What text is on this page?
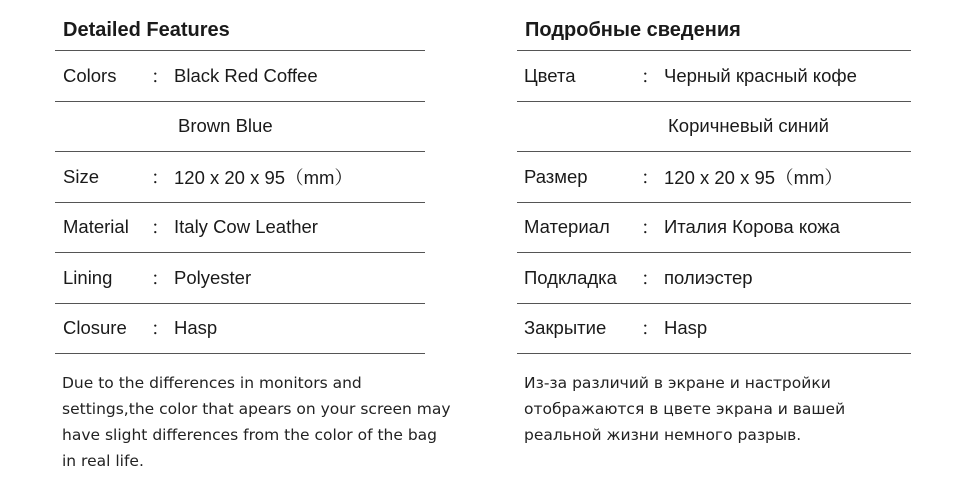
Detailed Features
Colors ： Black Red Coffee
Brown Blue
Size	： 120 x 20 x 95（mm）
Material ： Italy Cow Leather
Lining ： Polyester
Closure ： Hasp

Due to the differences in monitors and settings,the color that apears on your screen may have slight differences from the color of the bag in real life.

Подробные сведения
Цвета	： Черный красный кофе
Коричневый синий
Размер	： 120 x 20 x 95（mm）
Материал ： Италия Корова кожа
Подкладка ： полиэстер
Закрытие ： Hasp

Из-за различий в экране и настройки отображаются в цвете экрана и вашей реальной жизни немного разрыв.
